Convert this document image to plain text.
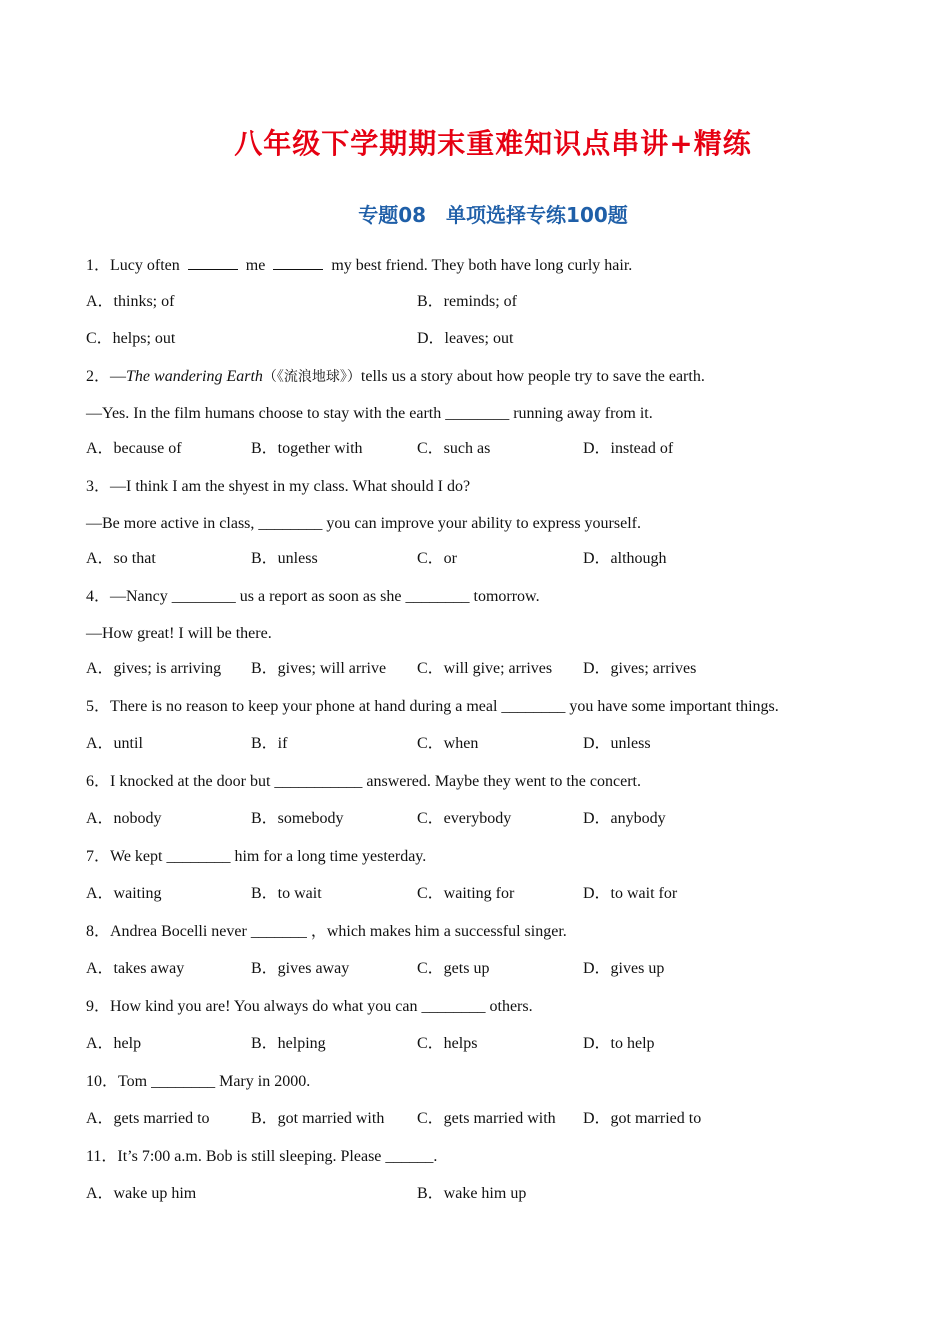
八年级下学期期末重难知识点串讲+精练
专题08　单项选择专练100题
1．Lucy often	me	my best friend. They both have long curly hair.
A．thinks; of	B．reminds; of
C．helps; out	D．leaves; out
2．—The wandering Earth（《流浪地球》）tells us a story about how people try to save the earth.
—Yes. In the film humans choose to stay with the earth ________ running away from it.
A．because of	B．together with	C．such as	D．instead of
3．—I think I am the shyest in my class. What should I do?
—Be more active in class, ________ you can improve your ability to express yourself.
A．so that	B．unless	C．or	D．although
4．—Nancy ________ us a report as soon as she ________ tomorrow.
—How great! I will be there.
A．gives; is arriving B．gives; will arrive C．will give; arrives D．gives; arrives
5．There is no reason to keep your phone at hand during a meal ________ you have some important things.
A．until	B．if	C．when	D．unless
6．I knocked at the door but ___________ answered. Maybe they went to the concert.
A．nobody	B．somebody	C．everybody	D．anybody
7．We kept ________ him for a long time yesterday.
A．waiting	B．to wait	C．waiting for	D．to wait for
8．Andrea Bocelli never _______ ，which makes him a successful singer.
A．takes away	B．gives away	C．gets up	D．gives up
9．How kind you are! You always do what you can ________ others.
A．help	B．helping	C．helps	D．to help
10．Tom ________ Mary in 2000.
A．gets married to	B．got married with C．gets married with D．got married to
11．It’s 7:00 a.m. Bob is still sleeping. Please ______.
A．wake up him	B．wake him up
